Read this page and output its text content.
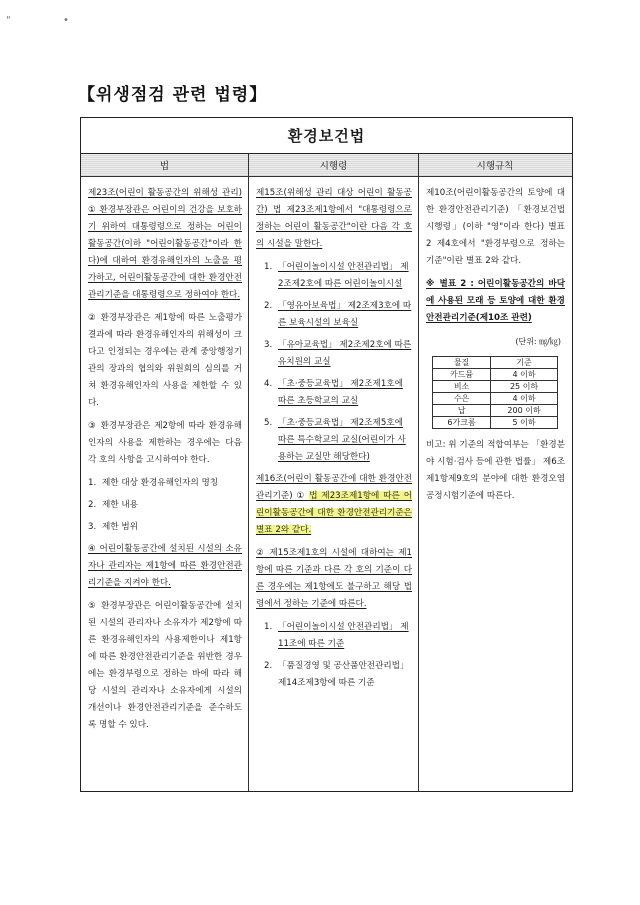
"	•
【위생점검 관련 법령】
환경보건법
법	시행령	시행규칙

제23조(어린이 활동공간의 위해성 관리) ① 환경부장관은 어린이의 건강을 보호하기 위하여 대통령령으로 정하는 어린이 활동공간(이하 "어린이활동공간"이라 한다)에 대하여 환경유해인자의 노출을 평가하고, 어린이활동공간에 대한 환경안전관리기준을 대통령령으로 정하여야 한다.

② 환경부장관은 제1항에 따른 노출평가 결과에 따라 환경유해인자의 위해성이 크다고 인정되는 경우에는 관계 중앙행정기관의 장과의 협의와 위원회의 심의를 거쳐 환경유해인자의 사용을 제한할 수 있다.

③ 환경부장관은 제2항에 따라 환경유해인자의 사용을 제한하는 경우에는 다음 각 호의 사항을 고시하여야 한다.

1. 제한 대상 환경유해인자의 명칭
2. 제한 내용
3. 제한 범위

④ 어린이활동공간에 설치된 시설의 소유자나 관리자는 제1항에 따른 환경안전관리기준을 지켜야 한다.

⑤ 환경부장관은 어린이활동공간에 설치된 시설의 관리자나 소유자가 제2항에 따른 환경유해인자의 사용제한이나 제1항에 따른 환경안전관리기준을 위반한 경우에는 환경부령으로 정하는 바에 따라 해당 시설의 관리자나 소유자에게 시설의 개선이나 환경안전관리기준을 준수하도록 명할 수 있다.

제15조(위해성 관리 대상 어린이 활동공간) 법 제23조제1항에서 "대통령령으로 정하는 어린이 활동공간"이란 다음 각 호의 시설을 말한다.

1. 「어린이놀이시설 안전관리법」 제2조제2호에 따른 어린이놀이시설
2. 「영유아보육법」 제2조제3호에 따른 보육시설의 보육실
3. 「유아교육법」 제2조제2호에 따른 유치원의 교실
4. 「초·중등교육법」 제2조제1호에 따른 초등학교의 교실
5. 「초·중등교육법」 제2조제5호에 따른 특수학교의 교실(어린이가 사용하는 교실만 해당한다)

제16조(어린이 활동공간에 대한 환경안전관리기준) ① 법 제23조제1항에 따른 어린이활동공간에 대한 환경안전관리기준은 별표 2와 같다.

② 제15조제1호의 시설에 대하여는 제1항에 따른 기준과 다른 각 호의 기준이 다른 경우에는 제1항에도 불구하고 해당 법령에서 정하는 기준에 따른다.

1. 「어린이놀이시설 안전관리법」 제11조에 따른 기준
2. 「품질경영 및 공산품안전관리법」 제14조제3항에 따른 기준

제10조(어린이활동공간의 토양에 대한 환경안전관리기준) 「환경보건법 시행령」(이하 "영"이라 한다) 별표 2 제4호에서 "환경부령으로 정하는 기준"이란 별표 2와 같다.

※ 별표 2 : 어린이활동공간의 바닥에 사용된 모래 등 토양에 대한 환경안전관리기준(제10조 관련)

(단위: ㎎/㎏)
물질	기준
카드뮴	4 이하
비소	25 이하
수은	4 이하
납	200 이하
6가크롬	5 이하

비고: 위 기준의 적합여부는 「환경분야 시험·검사 등에 관한 법률」 제6조제1항제9호의 분야에 대한 환경오염공정시험기준에 따른다.
